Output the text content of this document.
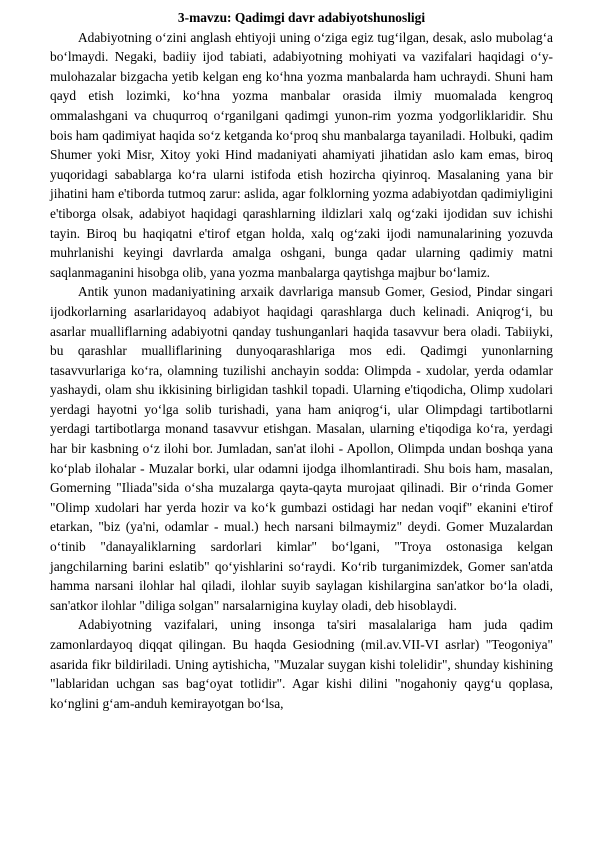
3-mavzu: Qadimgi davr adabiyotshunosligi

Adabiyotning o‘zini anglash ehtiyoji uning o‘ziga egiz tug‘ilgan, desak, aslo mubolag‘a bo‘lmaydi. Negaki, badiiy ijod tabiati, adabiyotning mohiyati va vazifalari haqidagi o‘y-mulohazalar bizgacha yetib kelgan eng ko‘hna yozma manbalarda ham uchraydi. Shuni ham qayd etish lozimki, ko‘hna yozma manbalar orasida ilmiy muomalada kengroq ommalashgani va chuqurroq o‘rganilgani qadimgi yunon-rim yozma yodgorliklaridir. Shu bois ham qadimiyat haqida so‘z ketganda ko‘proq shu manbalarga tayaniladi. Holbuki, qadim Shumer yoki Misr, Xitoy yoki Hind madaniyati ahamiyati jihatidan aslo kam emas, biroq yuqoridagi sabablarga ko‘ra ularni istifoda etish hozircha qiyinroq. Masalaning yana bir jihatini ham e'tiborda tutmoq zarur: aslida, agar folklorning yozma adabiyotdan qadimiyligini e'tiborga olsak, adabiyot haqidagi qarashlarning ildizlari xalq og‘zaki ijodidan suv ichishi tayin. Biroq bu haqiqatni e'tirof etgan holda, xalq og‘zaki ijodi namunalarining yozuvda muhrlanishi keyingi davrlarda amalga oshgani, bunga qadar ularning qadimiy matni saqlanmaganini hisobga olib, yana yozma manbalarga qaytishga majbur bo‘lamiz.

Antik yunon madaniyatining arxaik davrlariga mansub Gomer, Gesiod, Pindar singari ijodkorlarning asarlaridayoq adabiyot haqidagi qarashlarga duch kelinadi. Aniqrog‘i, bu asarlar mualliflarning adabiyotni qanday tushunganlari haqida tasavvur bera oladi. Tabiiyki, bu qarashlar mualliflarining dunyoqarashlariga mos edi. Qadimgi yunonlarning tasavvurlariga ko‘ra, olamning tuzilishi anchayin sodda: Olimpda - xudolar, yerda odamlar yashaydi, olam shu ikkisining birligidan tashkil topadi. Ularning e'tiqodicha, Olimp xudolari yerdagi hayotni yo‘lga solib turishadi, yana ham aniqrog‘i, ular Olimpdagi tartibotlarni yerdagi tartibotlarga monand tasavvur etishgan. Masalan, ularning e'tiqodiga ko‘ra, yerdagi har bir kasbning o‘z ilohi bor. Jumladan, san'at ilohi - Apollon, Olimpda undan boshqa yana ko‘plab ilohalar - Muzalar borki, ular odamni ijodga ilhomlantiradi. Shu bois ham, masalan, Gomerning "Iliada"sida o‘sha muzalarga qayta-qayta murojaat qilinadi. Bir o‘rinda Gomer "Olimp xudolari har yerda hozir va ko‘k gumbazi ostidagi har nedan voqif" ekanini e'tirof etarkan, "biz (ya'ni, odamlar - mual.) hech narsani bilmaymiz" deydi. Gomer Muzalardan o‘tinib "danayaliklarning sardorlari kimlar" bo‘lgani, "Troya ostonasiga kelgan jangchilarning barini eslatib" qo‘yishlarini so‘raydi. Ko‘rib turganimizdek, Gomer san'atda hamma narsani ilohlar hal qiladi, ilohlar suyib saylagan kishilargina san'atkor bo‘la oladi, san'atkor ilohlar "diliga solgan" narsalarnigina kuylay oladi, deb hisoblaydi.

Adabiyotning vazifalari, uning insonga ta'siri masalalariga ham juda qadim zamonlardayoq diqqat qilingan. Bu haqda Gesiodning (mil.av.VII-VI asrlar) "Teogoniya" asarida fikr bildiriladi. Uning aytishicha, "Muzalar suygan kishi tolelidir", shunday kishining "lablaridan uchgan sas bag‘oyat totlidir". Agar kishi dilini "nogahoniy qayg‘u qoplasa, ko‘nglini g‘am-anduh kemirayotgan bo‘lsa,
